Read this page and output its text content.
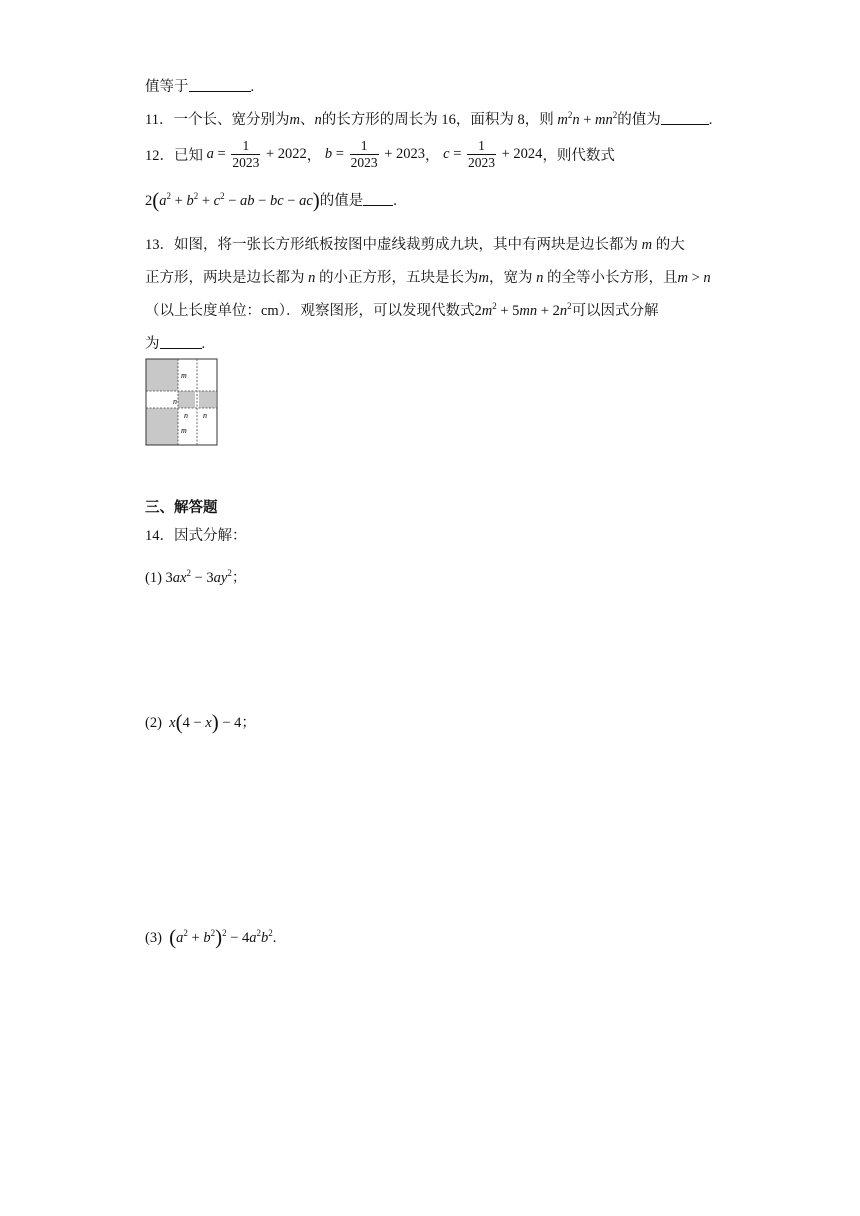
值等于	.
11．一个长、宽分别为m、n的长方形的周长为 16，面积为 8，则 $m^2n + mn^2$的值为	.
12．已知 $a = \frac{1}{2023} + 2022$， $b = \frac{1}{2023} + 2023$， $c = \frac{1}{2023} + 2024$，则代数式
$2(a^2 + b^2 + c^2$ − ab − bc − ac)的值是 .
13．如图，将一张长方形纸板按图中虚线裁剪成九块，其中有两块是边长都为 m 的大
正方形，两块是边长都为 n 的小正方形，五块是长为m，宽为 n 的全等小长方形，且m > n
（以上长度单位：cm）．观察图形，可以发现代数式$2m^2 + 5mn + 2n^2$可以因式分解
为	.
m
n
n n
m
三、解答题
14．因式分解：
(1) $3ax^2 - 3ay^2$；
(2) x(4 − x) − 4；
(3) $(a^2 + b^2)^2 - 4a^2b^2$.
